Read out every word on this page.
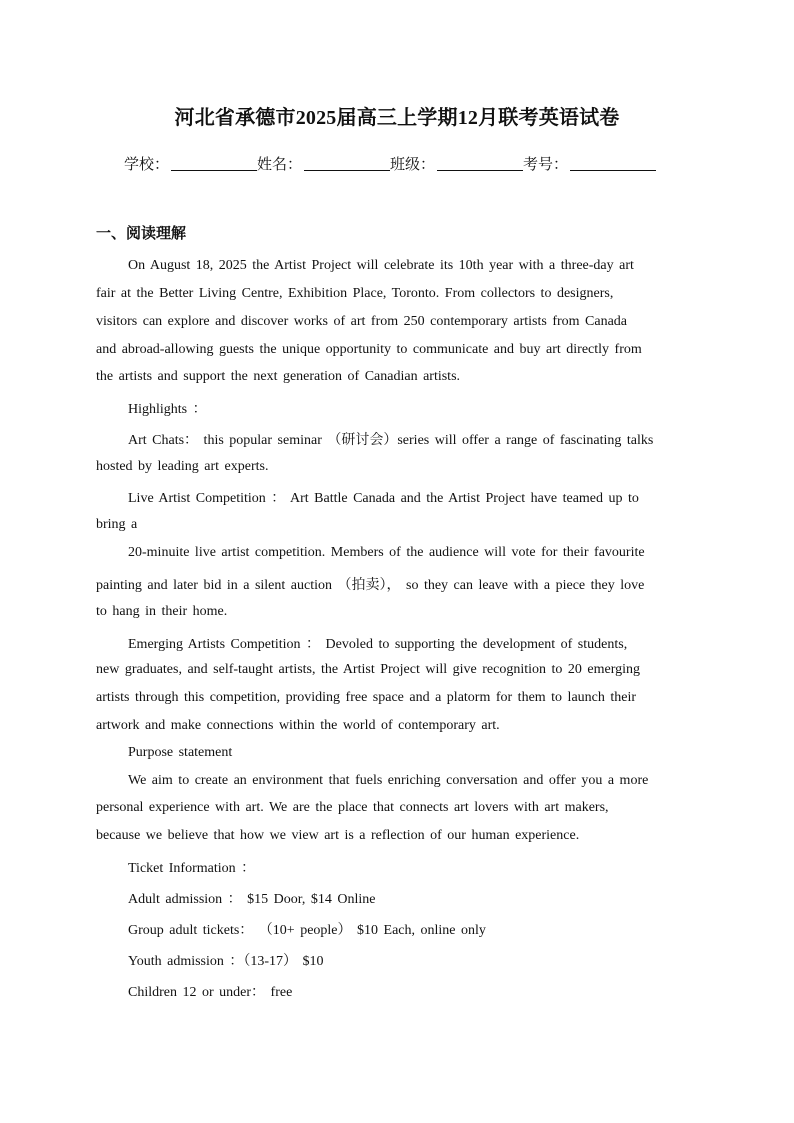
河北省承德市2025届高三上学期12月联考英语试卷
学校：	姓名：	班级：	考号：
一、阅读理解
On August 18, 2025 the Artist Project will celebrate its 10th year with a three-day art
fair at the Better Living Centre, Exhibition Place, Toronto. From collectors to designers,
visitors can explore and discover works of art from 250 contemporary artists from Canada
and abroad-allowing guests the unique opportunity to communicate and buy art directly from
the artists and support the next generation of Canadian artists.
Highlights ：
Art Chats： this popular seminar （研讨会）series will offer a range of fascinating talks
hosted by leading art experts.
Live Artist Competition ： Art Battle Canada and the Artist Project have teamed up to
bring a
20-minuite live artist competition. Members of the audience will vote for their favourite
painting and later bid in a silent auction （拍卖）， so they can leave with a piece they love
to hang in their home.
Emerging Artists Competition ： Devoled to supporting the development of students,
new graduates, and self-taught artists, the Artist Project will give recognition to 20 emerging
artists through this competition, providing free space and a platorm for them to launch their
artwork and make connections within the world of contemporary art.
Purpose statement
We aim to create an environment that fuels enriching conversation and offer you a more
personal experience with art. We are the place that connects art lovers with art makers,
because we believe that how we view art is a reflection of our human experience.
Ticket Information ：
Adult admission ： $15 Door, $14 Online
Group adult tickets： （10+ people） $10 Each, online only
Youth admission ：（13-17） $10
Children 12 or under： free
